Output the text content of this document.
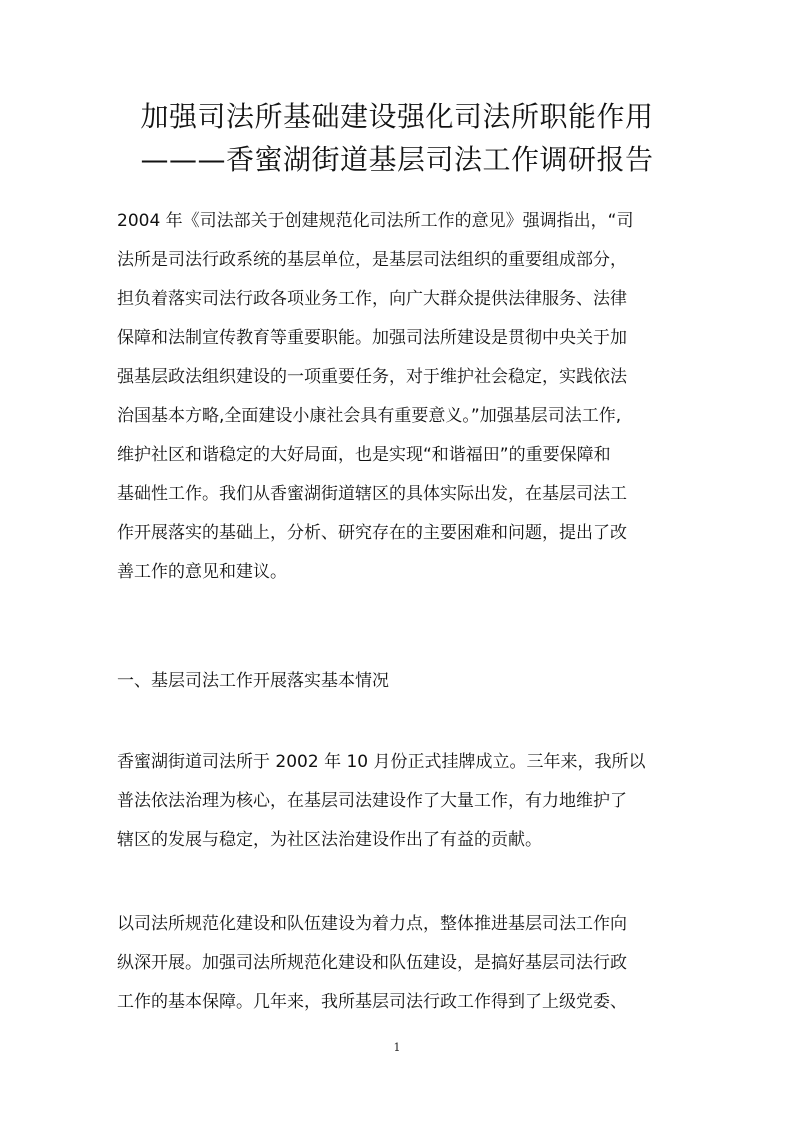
加强司法所基础建设强化司法所职能作用
———香蜜湖街道基层司法工作调研报告

2004 年《司法部关于创建规范化司法所工作的意见》强调指出，“司
法所是司法行政系统的基层单位，是基层司法组织的重要组成部分，
担负着落实司法行政各项业务工作，向广大群众提供法律服务、法律
保障和法制宣传教育等重要职能。加强司法所建设是贯彻中央关于加
强基层政法组织建设的一项重要任务，对于维护社会稳定，实践依法
治国基本方略,全面建设小康社会具有重要意义。”加强基层司法工作,
维护社区和谐稳定的大好局面，也是实现“和谐福田”的重要保障和
基础性工作。我们从香蜜湖街道辖区的具体实际出发，在基层司法工
作开展落实的基础上，分析、研究存在的主要困难和问题，提出了改
善工作的意见和建议。

一、基层司法工作开展落实基本情况

香蜜湖街道司法所于 2002 年 10 月份正式挂牌成立。三年来，我所以
普法依法治理为核心，在基层司法建设作了大量工作，有力地维护了
辖区的发展与稳定，为社区法治建设作出了有益的贡献。

以司法所规范化建设和队伍建设为着力点，整体推进基层司法工作向
纵深开展。加强司法所规范化建设和队伍建设，是搞好基层司法行政
工作的基本保障。几年来，我所基层司法行政工作得到了上级党委、

1
